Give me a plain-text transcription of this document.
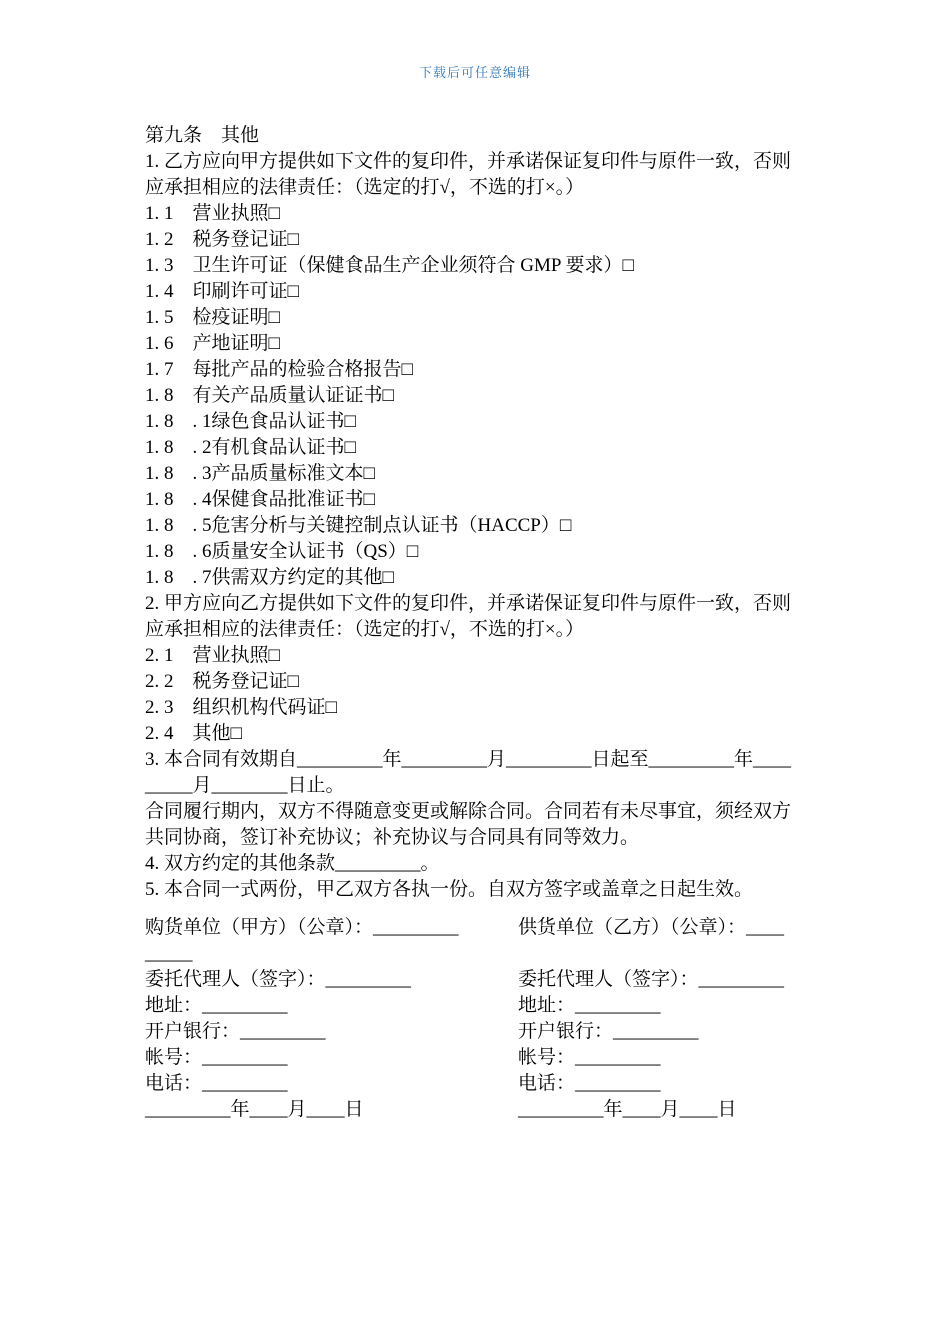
下载后可任意编辑
第九条　其他
1. 乙方应向甲方提供如下文件的复印件，并承诺保证复印件与原件一致，否则
应承担相应的法律责任：（选定的打√，不选的打×。）
1. 1　营业执照□
1. 2　税务登记证□
1. 3　卫生许可证（保健食品生产企业须符合 GMP 要求）□
1. 4　印刷许可证□
1. 5　检疫证明□
1. 6　产地证明□
1. 7　每批产品的检验合格报告□
1. 8　有关产品质量认证证书□
1. 8　. 1绿色食品认证书□
1. 8　. 2有机食品认证书□
1. 8　. 3产品质量标准文本□
1. 8　. 4保健食品批准证书□
1. 8　. 5危害分析与关键控制点认证书（HACCP）□
1. 8　. 6质量安全认证书（QS）□
1. 8　. 7供需双方约定的其他□
2. 甲方应向乙方提供如下文件的复印件，并承诺保证复印件与原件一致，否则
应承担相应的法律责任：（选定的打√，不选的打×。）
2. 1　营业执照□
2. 2　税务登记证□
2. 3　组织机构代码证□
2. 4　其他□
3. 本合同有效期自_________年_________月_________日起至_________年____
_____月________日止。
合同履行期内，双方不得随意变更或解除合同。合同若有未尽事宜，须经双方
共同协商，签订补充协议；补充协议与合同具有同等效力。
4. 双方约定的其他条款_________。
5. 本合同一式两份，甲乙双方各执一份。自双方签字或盖章之日起生效。
购货单位（甲方）（公章）：_________
_____
委托代理人（签字）：_________
地址：_________
开户银行：_________
帐号：_________
电话：_________
_________年____月____日
供货单位（乙方）（公章）：____
委托代理人（签字）：_________
地址：_________
开户银行：_________
帐号：_________
电话：_________
_________年____月____日
